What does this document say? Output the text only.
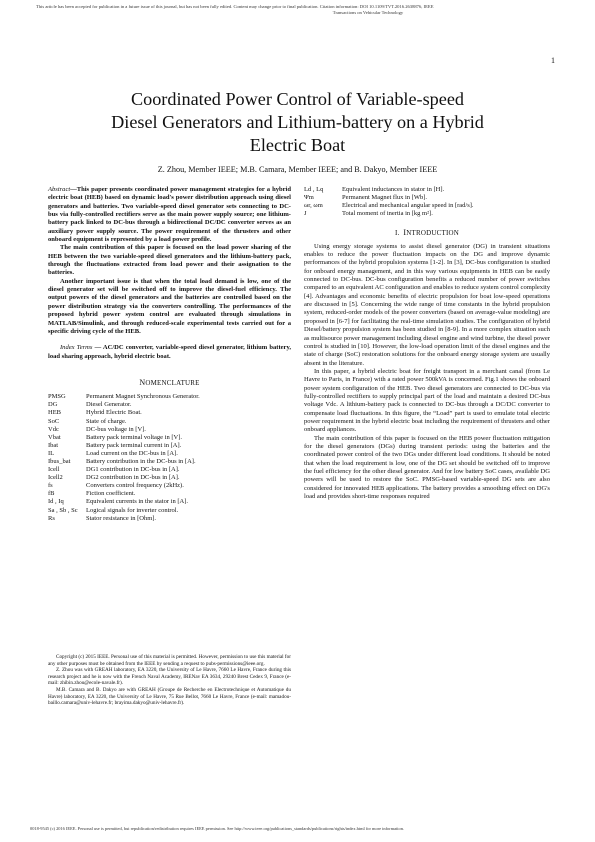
This article has been accepted for publication in a future issue of this journal, but has not been fully edited. Content may change prior to final publication. Citation information: DOI 10.1109/TVT.2016.2638876, IEEE
Transactions on Vehicular Technology
1
Coordinated Power Control of Variable-speed
Diesel Generators and Lithium-battery on a Hybrid
Electric Boat
Z. Zhou, Member IEEE; M.B. Camara, Member IEEE; and B. Dakyo, Member IEEE

Abstract—This paper presents coordinated power management strategies for a hybrid electric boat (HEB) based on dynamic load's power distribution approach using diesel generators and batteries. Two variable-speed diesel generator sets connecting to DC-bus via fully-controlled rectifiers serve as the main power supply source; one lithium-battery pack linked to DC-bus through a bidirectional DC/DC converter serves as an auxiliary power supply source. The power requirement of the thrusters and other onboard equipment is represented by a load power profile.

The main contribution of this paper is focused on the load power sharing of the HEB between the two variable-speed diesel generators and the lithium-battery pack, through the fluctuations extracted from load power and their assignation to the batteries.

Another important issue is that when the total load demand is low, one of the diesel generator set will be switched off to improve the diesel-fuel efficiency. The output powers of the diesel generators and the batteries are controlled based on the power distribution strategy via the converters controlling. The performances of the proposed hybrid power system control are evaluated through simulations in MATLAB/Simulink, and through reduced-scale experimental tests carried out for a specific driving cycle of the HEB.

Index Terms — AC/DC converter, variable-speed diesel generator, lithium battery, load sharing approach, hybrid electric boat.
NOMENCLATURE
PMSG	Permanent Magnet Synchronous Generator.
DG	Diesel Generator.
HEB	Hybrid Electric Boat.
SoC	State of charge.
Vdc	DC-bus voltage in [V].
Vbat	Battery pack terminal voltage in [V].
Ibat	Battery pack terminal current in [A].
IL	Load current on the DC-bus in [A].
Ibus_bat	Battery contribution in the DC-bus in [A].
Icell	DG1 contribution in DC-bus in [A].
Icell2	DG2 contribution in DC-bus in [A].
fs	Converters control frequency (2kHz).
fB	Fiction coefficient.
Id , Iq	Equivalent currents in the stator in [A].
Sa , Sb , Sc	Logical signals for inverter control.
Rs	Stator resistance in [Ohm].

Copyright (c) 2015 IEEE. Personal use of this material is permitted. However, permission to use this material for any other purposes must be obtained from the IEEE by sending a request to pubs-permissions@ieee.org.

Z. Zhou was with GREAH laboratory, EA 3220, the University of Le Havre, 7660 Le Havre, France during this research project and he is now with the French Naval Academy, IRENav EA 3634, 29240 Brest Cedex 9, France (e-mail: zhibin.zhou@ecole-navale.fr).

M.B. Camara and B. Dakyo are with GREAH (Groupe de Recherche en Electrotechnique et Automatique du Havre) laboratory, EA 3220, the University of Le Havre, 75 Rue Bellot, 7660 Le Havre, France (e-mail: mamadou-baillo.camara@univ-lehavre.fr; brayima.dakyo@univ-lehavre.fr).

Ld , Lq	Equivalent inductances in stator in [H].
Ψm	Permanent Magnet flux in [Wb].
ωr, ωm	Electrical and mechanical angular speed in [rad/s].
J	Total moment of inertia in [kg m²].
I. INTRODUCTION

Using energy storage systems to assist diesel generator (DG) in transient situations enables to reduce the power fluctuation impacts on the DG and improve dynamic performances of the hybrid propulsion systems [1-2]. In [3], DC-bus configuration is studied for onboard energy management, and in this way various equipments in HEB can be easily connected to DC-bus. DC-bus configuration benefits a reduced number of power switches compared to an equivalent AC configuration and enables to reduce system control complexity [4]. Advantages and economic benefits of electric propulsion for boat low-speed operations are discussed in [5]. Concerning the wide range of time constants in the hybrid propulsion system, reduced-order models of the power converters (based on average-value modeling) are proposed in [6-7] for facilitating the real-time simulation studies. The configuration of hybrid Diesel/battery propulsion system has been studied in [8-9]. In a more complex situation such as multisource power management including diesel engine and wind turbine, the diesel power control is studied in [10]. However, the low-load operation limit of the diesel engines and the state of charge (SoC) restoration solutions for the onboard energy storage system are usually absent in the literature.

In this paper, a hybrid electric boat for freight transport in a merchant canal (from Le Havre to Paris, in France) with a rated power 500kVA is concerned. Fig.1 shows the onboard power system configuration of the HEB. Two diesel generators are connected to DC-bus via fully-controlled rectifiers to supply principal part of the load and maintain a desired DC-bus voltage Vdc. A lithium-battery pack is connected to DC-bus through a DC/DC converter to compensate load fluctuations. In this figure, the “Load” part is used to emulate total electric power requirement in the hybrid electric boat including the requirement of thrusters and other onboard appliances.

The main contribution of this paper is focused on the HEB power fluctuation mitigation for the diesel generators (DGs) during transient periods: using the batteries and the coordinated power control of the two DGs under different load conditions. It should be noted that when the load requirement is low, one of the DG set should be switched off to improve the fuel efficiency for the other diesel generator. And for low battery SoC cases, available DG powers will be used to restore the SoC. PMSG-based variable-speed DG sets are also considered for innovated HEB applications. The battery provides a smoothing effect on DG's load and provides short-time responses required

0018-9545 (c) 2016 IEEE. Personal use is permitted, but republication/redistribution requires IEEE permission. See http://www.ieee.org/publications_standards/publications/rights/index.html for more information.
